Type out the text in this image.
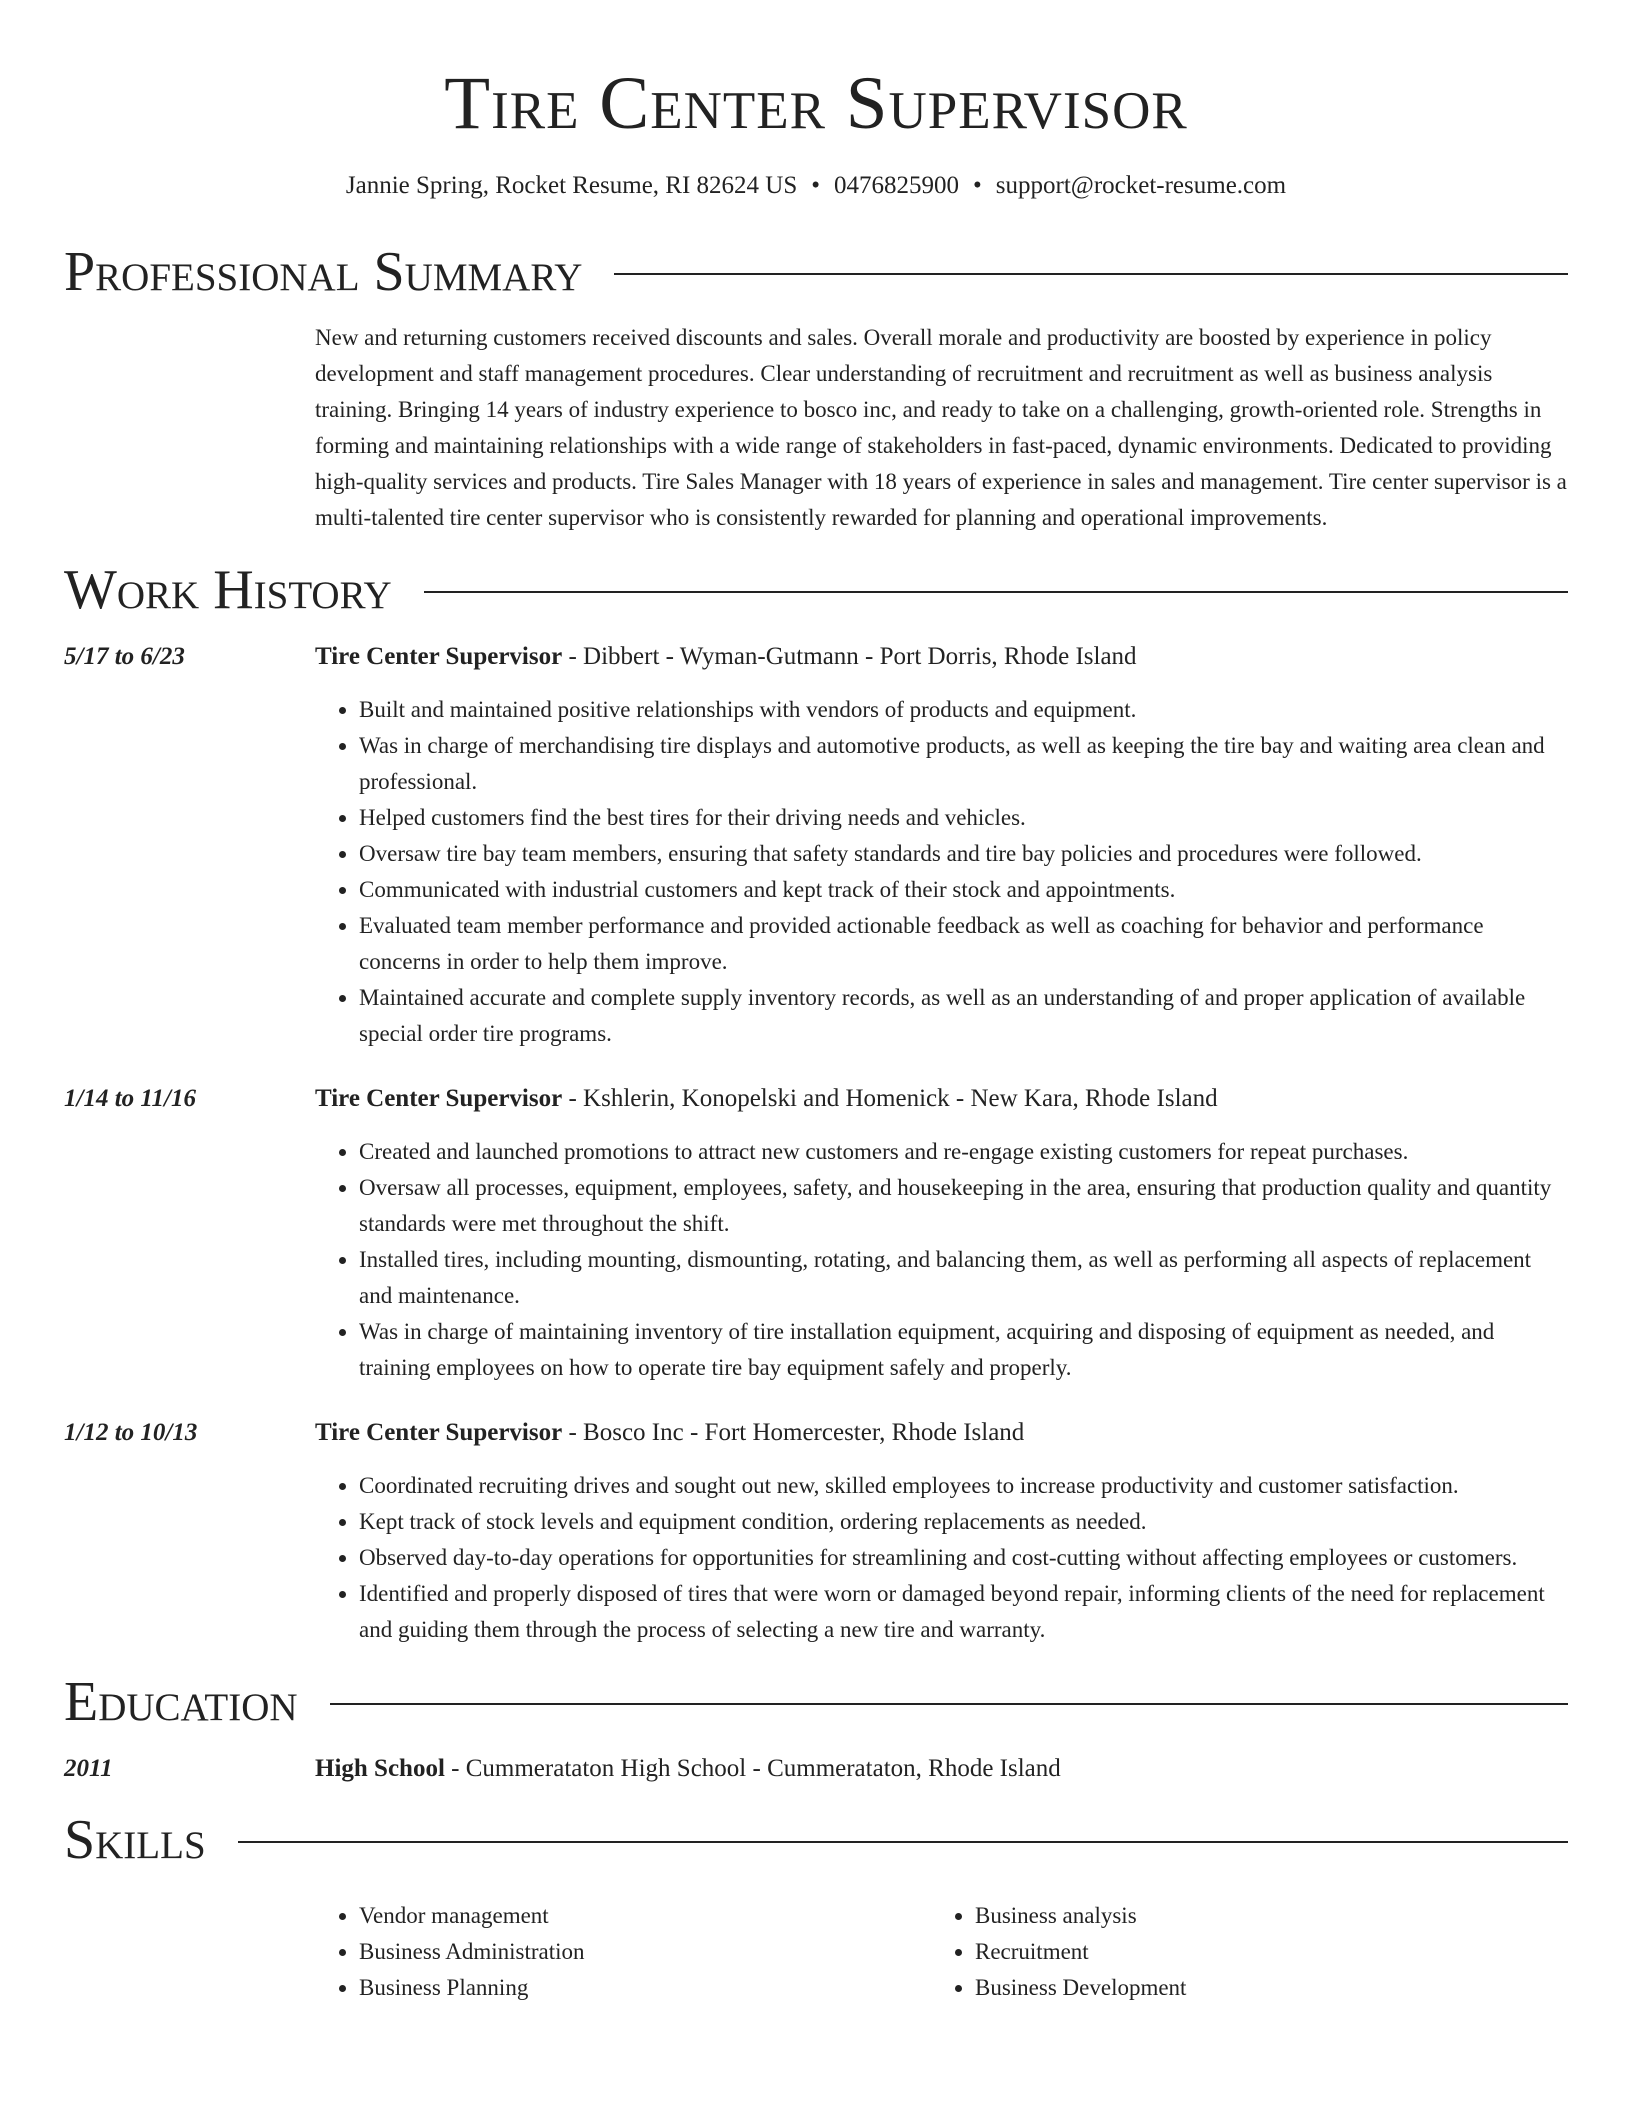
Tire Center Supervisor
Jannie Spring, Rocket Resume, RI 82624 US • 0476825900 • support@rocket-resume.com
Professional Summary
New and returning customers received discounts and sales. Overall morale and productivity are boosted by experience in policy development and staff management procedures. Clear understanding of recruitment and recruitment as well as business analysis training. Bringing 14 years of industry experience to bosco inc, and ready to take on a challenging, growth-oriented role. Strengths in forming and maintaining relationships with a wide range of stakeholders in fast-paced, dynamic environments. Dedicated to providing high-quality services and products. Tire Sales Manager with 18 years of experience in sales and management. Tire center supervisor is a multi-talented tire center supervisor who is consistently rewarded for planning and operational improvements.
Work History
5/17 to 6/23	Tire Center Supervisor - Dibbert - Wyman-Gutmann - Port Dorris, Rhode Island
• Built and maintained positive relationships with vendors of products and equipment.
• Was in charge of merchandising tire displays and automotive products, as well as keeping the tire bay and waiting area clean and professional.
• Helped customers find the best tires for their driving needs and vehicles.
• Oversaw tire bay team members, ensuring that safety standards and tire bay policies and procedures were followed.
• Communicated with industrial customers and kept track of their stock and appointments.
• Evaluated team member performance and provided actionable feedback as well as coaching for behavior and performance concerns in order to help them improve.
• Maintained accurate and complete supply inventory records, as well as an understanding of and proper application of available special order tire programs.
1/14 to 11/16	Tire Center Supervisor - Kshlerin, Konopelski and Homenick - New Kara, Rhode Island
• Created and launched promotions to attract new customers and re-engage existing customers for repeat purchases.
• Oversaw all processes, equipment, employees, safety, and housekeeping in the area, ensuring that production quality and quantity standards were met throughout the shift.
• Installed tires, including mounting, dismounting, rotating, and balancing them, as well as performing all aspects of replacement and maintenance.
• Was in charge of maintaining inventory of tire installation equipment, acquiring and disposing of equipment as needed, and training employees on how to operate tire bay equipment safely and properly.
1/12 to 10/13	Tire Center Supervisor - Bosco Inc - Fort Homercester, Rhode Island
• Coordinated recruiting drives and sought out new, skilled employees to increase productivity and customer satisfaction.
• Kept track of stock levels and equipment condition, ordering replacements as needed.
• Observed day-to-day operations for opportunities for streamlining and cost-cutting without affecting employees or customers.
• Identified and properly disposed of tires that were worn or damaged beyond repair, informing clients of the need for replacement and guiding them through the process of selecting a new tire and warranty.
Education
2011	High School - Cummerataton High School - Cummerataton, Rhode Island
Skills
• Vendor management
• Business Administration
• Business Planning
• Business analysis
• Recruitment
• Business Development
